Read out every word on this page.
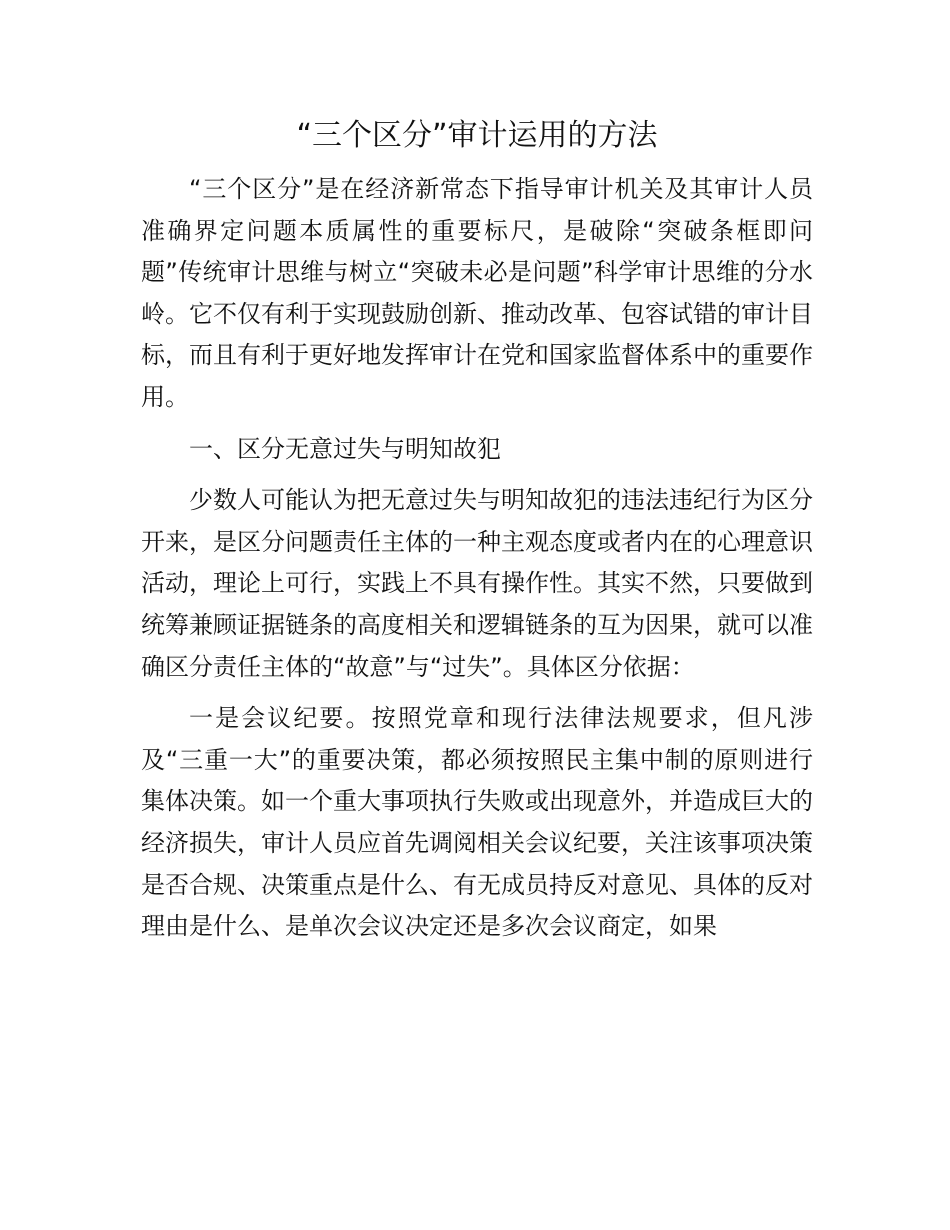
“三个区分”审计运用的方法

“三个区分”是在经济新常态下指导审计机关及其审计人员准确界定问题本质属性的重要标尺，是破除“突破条框即问题”传统审计思维与树立“突破未必是问题”科学审计思维的分水岭。它不仅有利于实现鼓励创新、推动改革、包容试错的审计目标，而且有利于更好地发挥审计在党和国家监督体系中的重要作用。

一、区分无意过失与明知故犯

少数人可能认为把无意过失与明知故犯的违法违纪行为区分开来，是区分问题责任主体的一种主观态度或者内在的心理意识活动，理论上可行，实践上不具有操作性。其实不然，只要做到统筹兼顾证据链条的高度相关和逻辑链条的互为因果，就可以准确区分责任主体的“故意”与“过失”。具体区分依据：

一是会议纪要。按照党章和现行法律法规要求，但凡涉及“三重一大”的重要决策，都必须按照民主集中制的原则进行集体决策。如一个重大事项执行失败或出现意外，并造成巨大的经济损失，审计人员应首先调阅相关会议纪要，关注该事项决策是否合规、决策重点是什么、有无成员持反对意见、具体的反对理由是什么、是单次会议决定还是多次会议商定，如果
